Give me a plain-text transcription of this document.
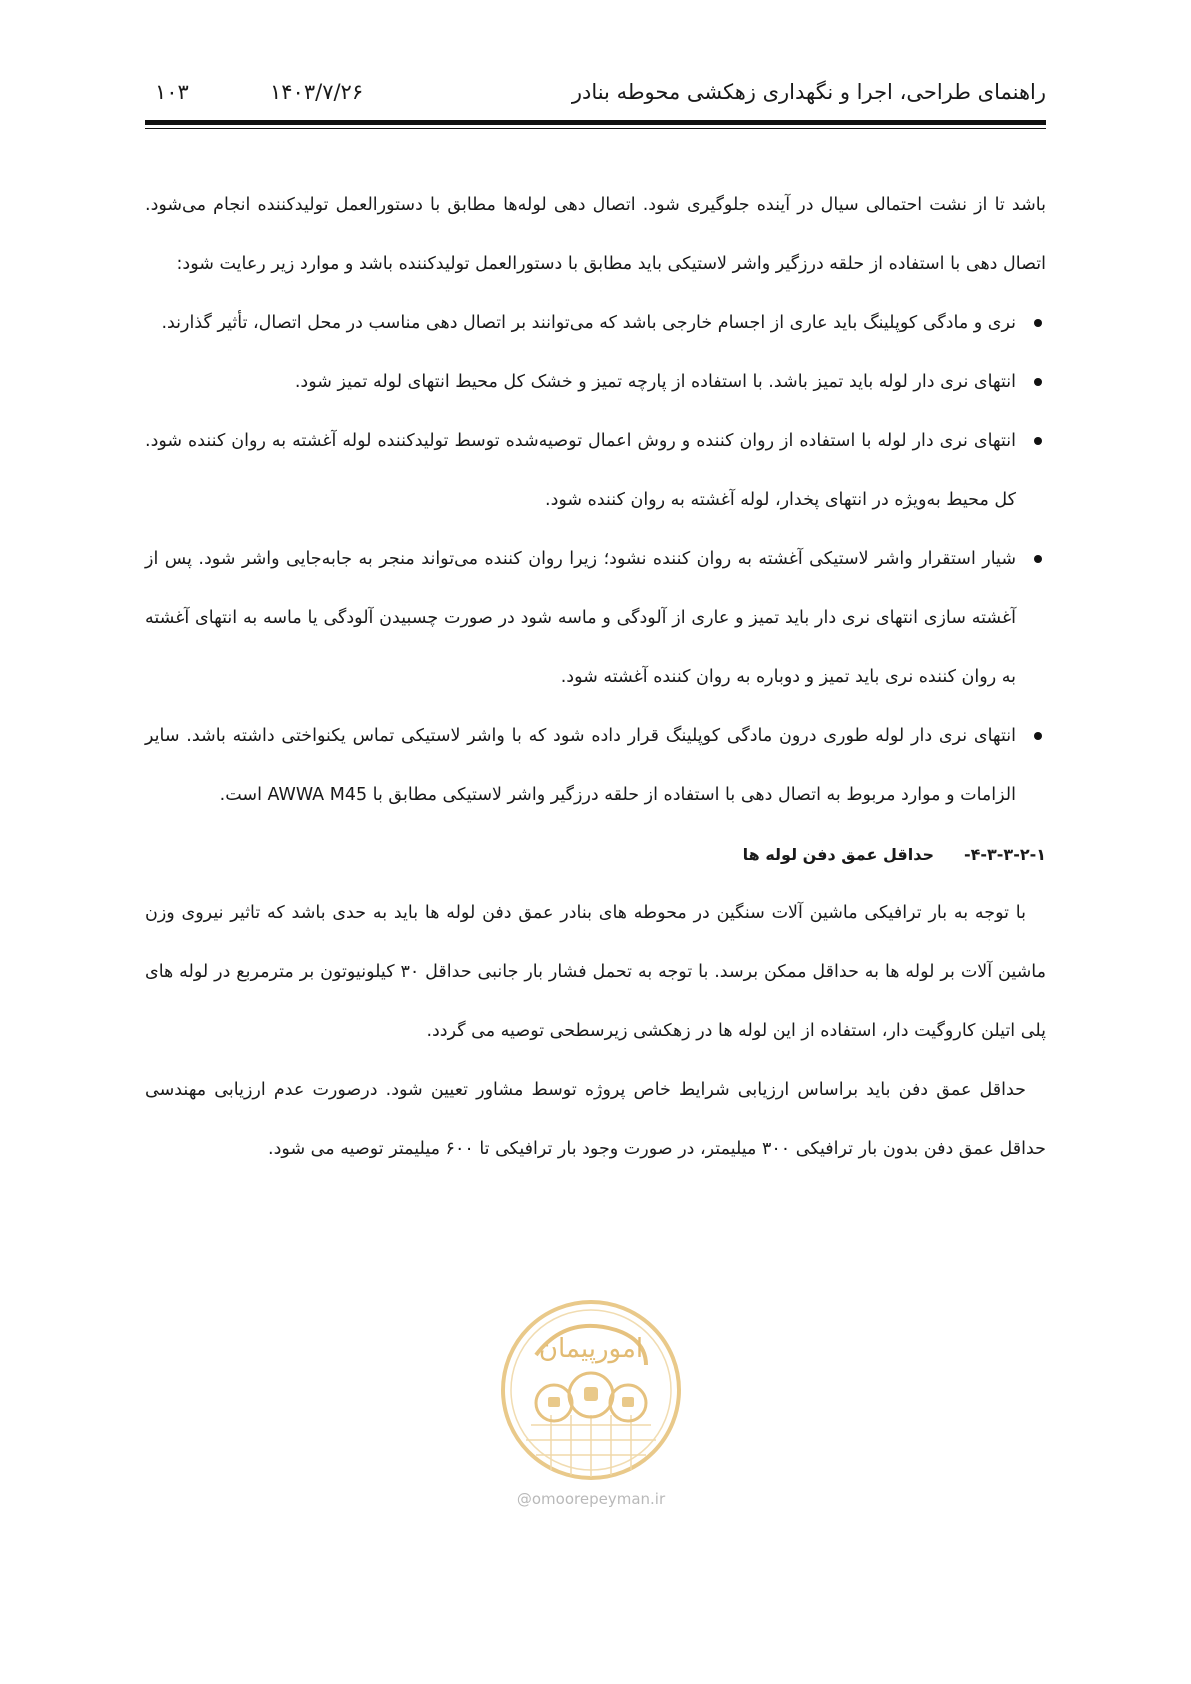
راهنمای طراحی، اجرا و نگهداری زهکشی محوطه بنادر
۱۴۰۳/۷/۲۶
۱۰۳

باشد تا از نشت احتمالی سیال در آینده جلوگیری شود. اتصال دهی لوله‌ها مطابق با دستورالعمل تولیدکننده انجام می‌شود. اتصال دهی با استفاده از حلقه درزگیر واشر لاستیکی باید مطابق با دستورالعمل تولیدکننده باشد و موارد زیر رعایت شود:

نری و مادگی کوپلینگ باید عاری از اجسام خارجی باشد که می‌توانند بر اتصال دهی مناسب در محل اتصال، تأثیر گذارند.
انتهای نری دار لوله باید تمیز باشد. با استفاده از پارچه تمیز و خشک کل محیط انتهای لوله تمیز شود.
انتهای نری دار لوله با استفاده از روان کننده و روش اعمال توصیه‌شده توسط تولیدکننده لوله آغشته به روان کننده شود. کل محیط به‌ویژه در انتهای پخدار، لوله آغشته به روان کننده شود.
شیار استقرار واشر لاستیکی آغشته به روان کننده نشود؛ زیرا روان کننده می‌تواند منجر به جابه‌جایی واشر شود. پس از آغشته سازی انتهای نری دار باید تمیز و عاری از آلودگی و ماسه شود در صورت چسبیدن آلودگی یا ماسه به انتهای آغشته به روان کننده نری باید تمیز و دوباره به روان کننده آغشته شود.
انتهای نری دار لوله طوری درون مادگی کوپلینگ قرار داده شود که با واشر لاستیکی تماس یکنواختی داشته باشد. سایر الزامات و موارد مربوط به اتصال دهی با استفاده از حلقه درزگیر واشر لاستیکی مطابق با AWWA M45 است.

۴-۳-۳-۲-۱-حداقل عمق دفن لوله ها

با توجه به بار ترافیکی ماشین آلات سنگین در محوطه های بنادر عمق دفن لوله ها باید به حدی باشد که تاثیر نیروی وزن ماشین آلات بر لوله ها به حداقل ممکن برسد. با توجه به تحمل فشار بار جانبی حداقل ۳۰ کیلونیوتون بر مترمربع در لوله های پلی اتیلن کاروگیت دار، استفاده از این لوله ها در زهکشی زیرسطحی توصیه می گردد.

حداقل عمق دفن باید براساس ارزیابی شرایط خاص پروژه توسط مشاور تعیین شود. درصورت عدم ارزیابی مهندسی حداقل عمق دفن بدون بار ترافیکی ۳۰۰ میلیمتر، در صورت وجود بار ترافیکی تا ۶۰۰ میلیمتر توصیه می شود.

امورپیمان
@omoorepeyman.ir
